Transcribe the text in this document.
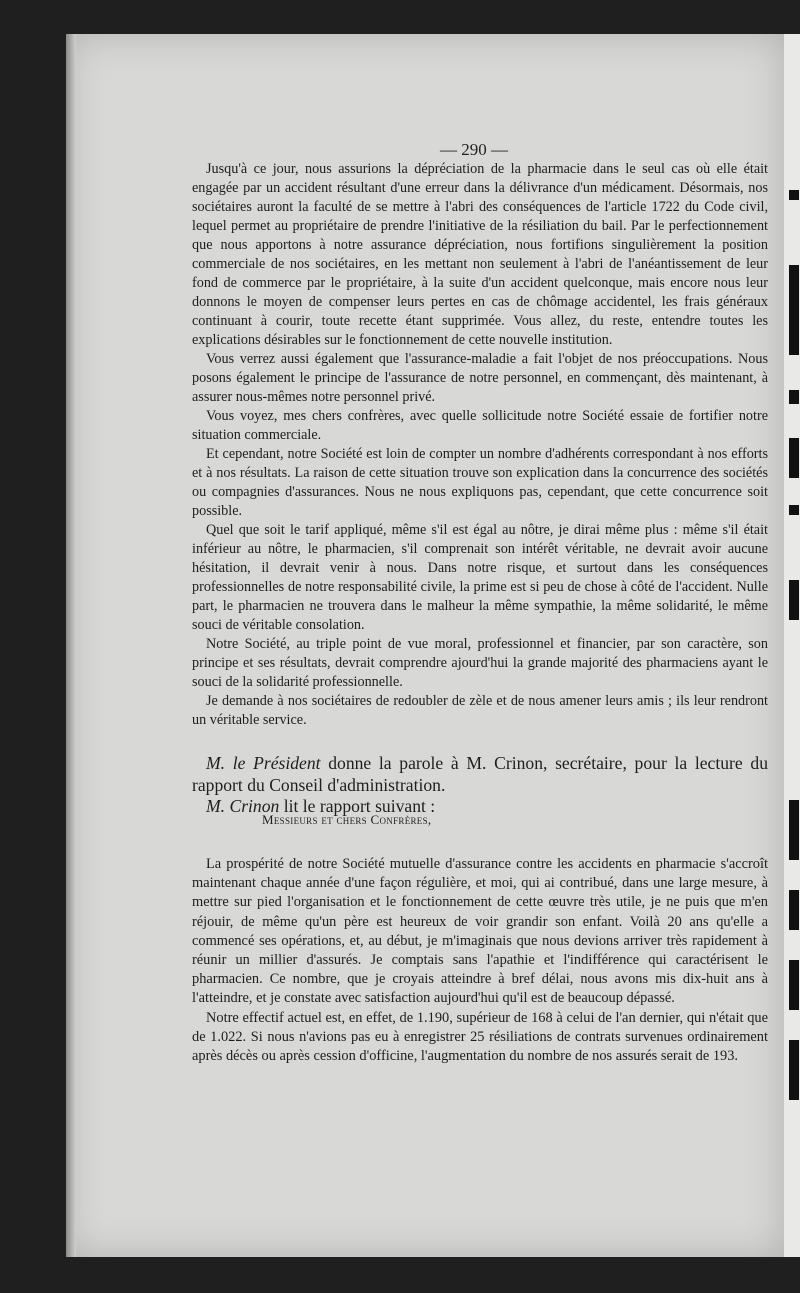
— 290 —

Jusqu'à ce jour, nous assurions la dépréciation de la pharmacie dans le seul cas où elle était engagée par un accident résultant d'une erreur dans la délivrance d'un médicament. Désormais, nos sociétaires auront la faculté de se mettre à l'abri des conséquences de l'article 1722 du Code civil, lequel permet au propriétaire de prendre l'initiative de la résiliation du bail. Par le perfectionnement que nous apportons à notre assurance dépréciation, nous fortifions singulièrement la position commerciale de nos sociétaires, en les mettant non seulement à l'abri de l'anéantissement de leur fond de commerce par le propriétaire, à la suite d'un accident quelconque, mais encore nous leur donnons le moyen de compenser leurs pertes en cas de chômage accidentel, les frais généraux continuant à courir, toute recette étant supprimée. Vous allez, du reste, entendre toutes les explications désirables sur le fonctionnement de cette nouvelle institution.

Vous verrez aussi également que l'assurance-maladie a fait l'objet de nos préoccupations. Nous posons également le principe de l'assurance de notre personnel, en commençant, dès maintenant, à assurer nous-mêmes notre personnel privé.

Vous voyez, mes chers confrères, avec quelle sollicitude notre Société essaie de fortifier notre situation commerciale.

Et cependant, notre Société est loin de compter un nombre d'adhérents correspondant à nos efforts et à nos résultats. La raison de cette situation trouve son explication dans la concurrence des sociétés ou compagnies d'assurances. Nous ne nous expliquons pas, cependant, que cette concurrence soit possible.

Quel que soit le tarif appliqué, même s'il est égal au nôtre, je dirai même plus : même s'il était inférieur au nôtre, le pharmacien, s'il comprenait son intérêt véritable, ne devrait avoir aucune hésitation, il devrait venir à nous. Dans notre risque, et surtout dans les conséquences professionnelles de notre responsabilité civile, la prime est si peu de chose à côté de l'accident. Nulle part, le pharmacien ne trouvera dans le malheur la même sympathie, la même solidarité, le même souci de véritable consolation.

Notre Société, au triple point de vue moral, professionnel et financier, par son caractère, son principe et ses résultats, devrait comprendre ajourd'hui la grande majorité des pharmaciens ayant le souci de la solidarité professionnelle.

Je demande à nos sociétaires de redoubler de zèle et de nous amener leurs amis ; ils leur rendront un véritable service.

M. le Président donne la parole à M. Crinon, secrétaire, pour la lecture du rapport du Conseil d'administration.

M. Crinon lit le rapport suivant :

Messieurs et chers Confrères,

La prospérité de notre Société mutuelle d'assurance contre les accidents en pharmacie s'accroît maintenant chaque année d'une façon régulière, et moi, qui ai contribué, dans une large mesure, à mettre sur pied l'organisation et le fonctionnement de cette œuvre très utile, je ne puis que m'en réjouir, de même qu'un père est heureux de voir grandir son enfant. Voilà 20 ans qu'elle a commencé ses opérations, et, au début, je m'imaginais que nous devions arriver très rapidement à réunir un millier d'assurés. Je comptais sans l'apathie et l'indifférence qui caractérisent le pharmacien. Ce nombre, que je croyais atteindre à bref délai, nous avons mis dix-huit ans à l'atteindre, et je constate avec satisfaction aujourd'hui qu'il est de beaucoup dépassé.

Notre effectif actuel est, en effet, de 1.190, supérieur de 168 à celui de l'an dernier, qui n'était que de 1.022. Si nous n'avions pas eu à enregistrer 25 résiliations de contrats survenues ordinairement après décès ou après cession d'officine, l'augmentation du nombre de nos assurés serait de 193.
